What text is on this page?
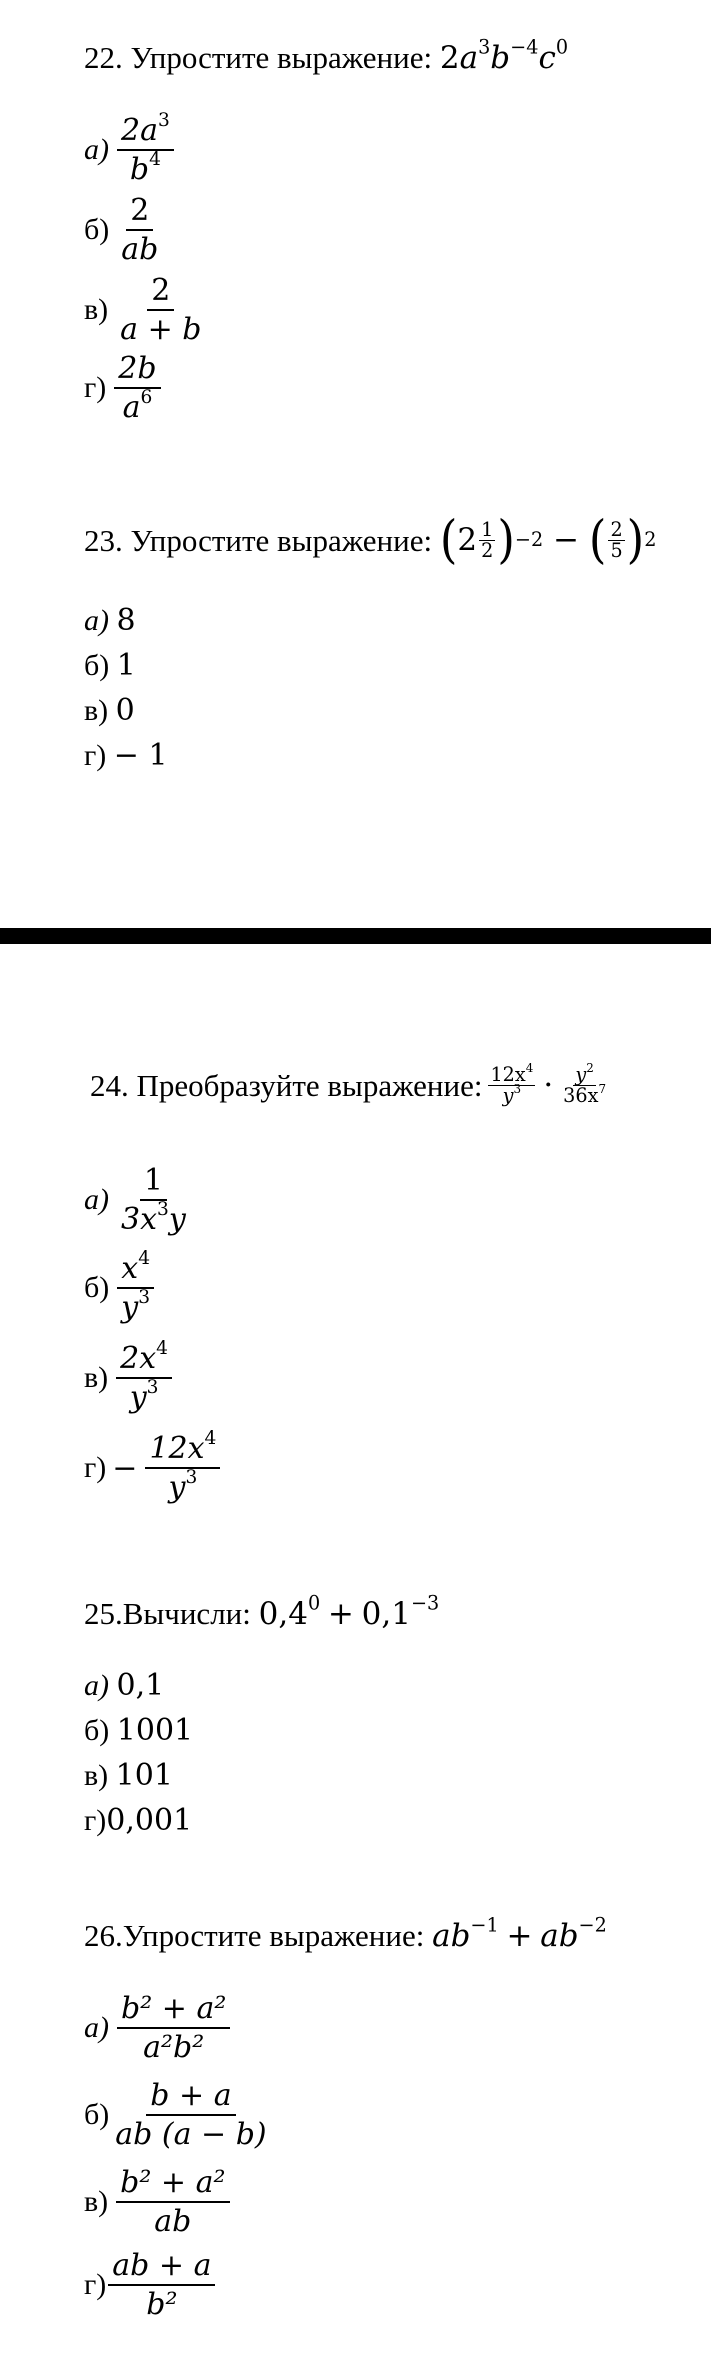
22. Упростите выражение: $2a^3b^{-4}c^0$
$а) \frac{2a^3}{b^4}$
$б) \frac{2}{ab}$
$в) \frac{2}{a + b}$
$г) \frac{2b}{a^6}$
23.
Упростите выражение:
( $2 \frac{1}{2}$ ) −2
−
( $\frac{2}{5}$ ) 2
а)
8
б)
1
в)
0
г)
− 1
24.
Преобразуйте выражение: $12x^4$
$y^3 \cdot y^2$
$36x^7$
$а) \frac{1}{3x^3y}$
$б) \frac{x^4}{y^3}$
$в) \frac{2x^4}{y^3}$
$г) - \frac{12x^4}{y^3}$
25.Вычисли: $0,4^0 + 0,1^{-3}$
а)
0,1
б)
1001
в)
101
г) 0,001
26.Упростите выражение: $ab^{-1} + ab^{-2}$
$а) \frac{\text{b² + a²}}{\text{a²b²}}$
$б) \frac{b + a}{ab (a - b)}$
$в) \frac{\text{b² + a²}}{ab}$
$г) \frac{ab + a}{\text{b²}}$
